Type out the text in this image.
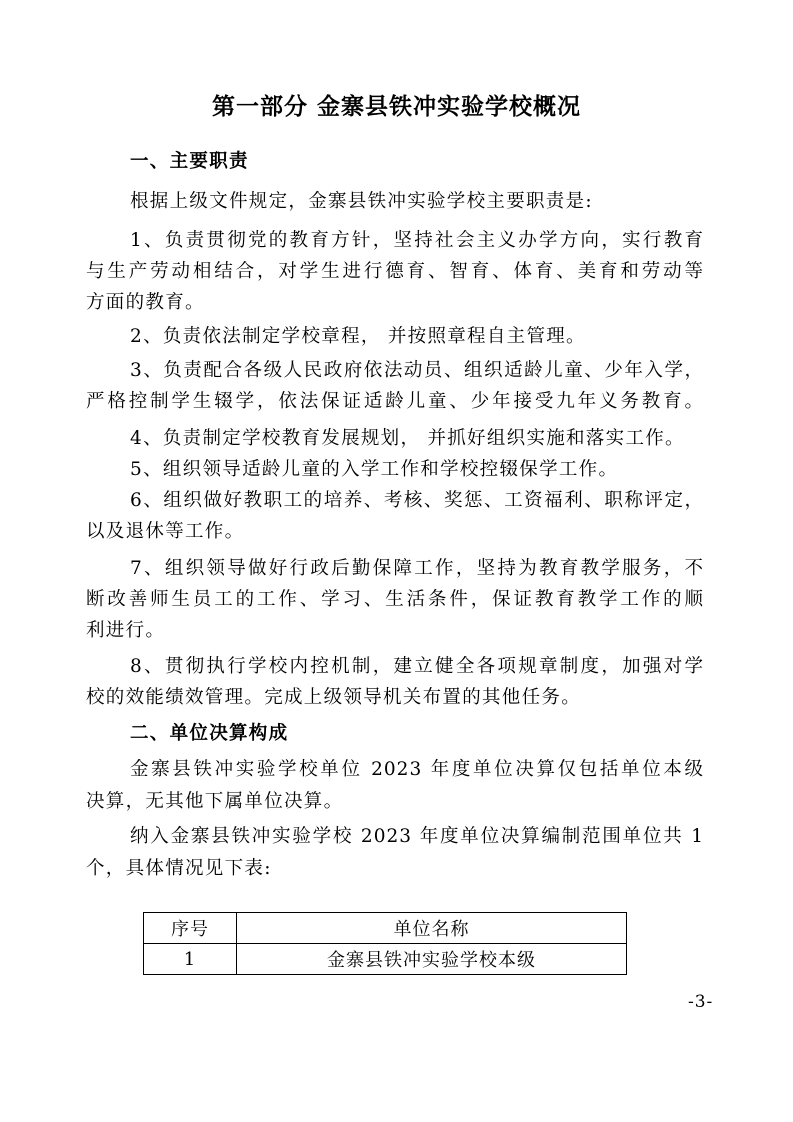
第一部分 金寨县铁冲实验学校概况
一、主要职责
根据上级文件规定，金寨县铁冲实验学校主要职责是:
1、负责贯彻党的教育方针，坚持社会主义办学方向，实行教育
与生产劳动相结合，对学生进行德育、智育、体育、美育和劳动等
方面的教育。
2、负责依法制定学校章程， 并按照章程自主管理。
3、负责配合各级人民政府依法动员、组织适龄儿童、少年入学，
严格控制学生辍学，依法保证适龄儿童、少年接受九年义务教育。
4、负责制定学校教育发展规划， 并抓好组织实施和落实工作。
5、组织领导适龄儿童的入学工作和学校控辍保学工作。
6、组织做好教职工的培养、考核、奖惩、工资福利、职称评定，
以及退休等工作。
7、组织领导做好行政后勤保障工作，坚持为教育教学服务，不
断改善师生员工的工作、学习、生活条件，保证教育教学工作的顺
利进行。
8、贯彻执行学校内控机制，建立健全各项规章制度，加强对学
校的效能绩效管理。完成上级领导机关布置的其他任务。
二、单位决算构成
金寨县铁冲实验学校单位 2023 年度单位决算仅包括单位本级
决算，无其他下属单位决算。
纳入金寨县铁冲实验学校 2023 年度单位决算编制范围单位共 1
个，具体情况见下表:
序号	单位名称
1	金寨县铁冲实验学校本级
-3-
